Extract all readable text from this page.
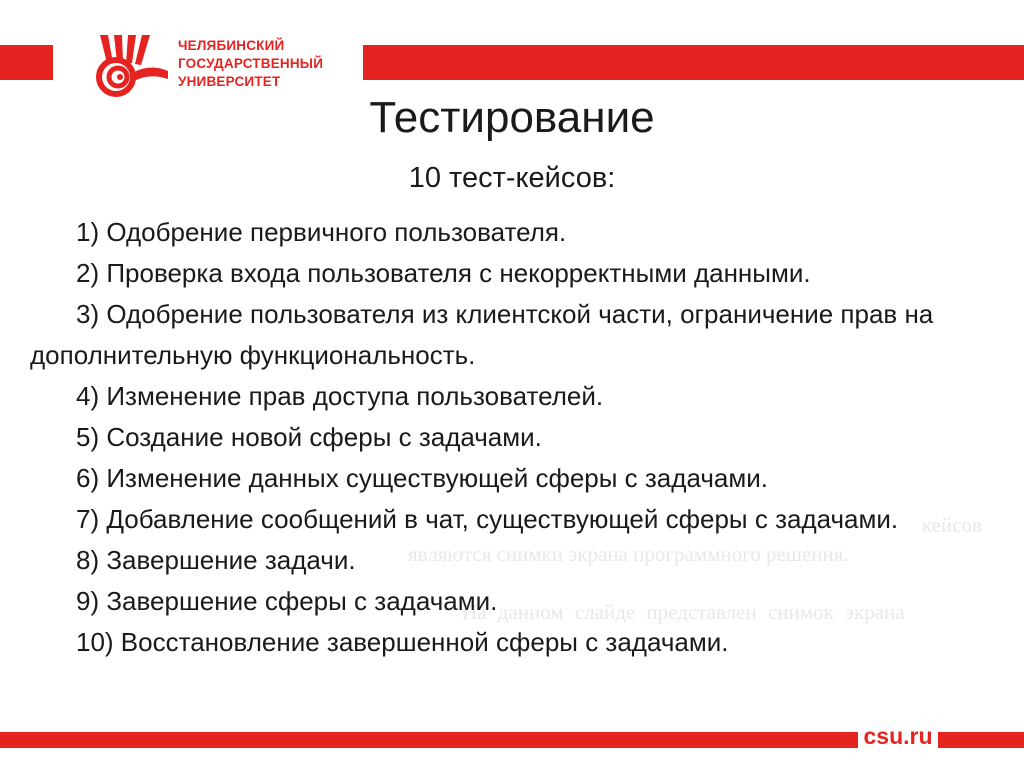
ЧЕЛЯБИНСКИЙ
ГОСУДАРСТВЕННЫЙ
УНИВЕРСИТЕТ
Тестирование
10 тест-кейсов:
кейсов
являются снимки экрана программного решения.
На данном слайде представлен снимок экрана
1) Одобрение первичного пользователя.
2) Проверка входа пользователя с некорректными данными.
3) Одобрение пользователя из клиентской части, ограничение прав на дополнительную функциональность.
4) Изменение прав доступа пользователей.
5) Создание новой сферы с задачами.
6) Изменение данных существующей сферы с задачами.
7) Добавление сообщений в чат, существующей сферы с задачами.
8) Завершение задачи.
9) Завершение сферы с задачами.
10) Восстановление завершенной сферы с задачами.
csu.ru
